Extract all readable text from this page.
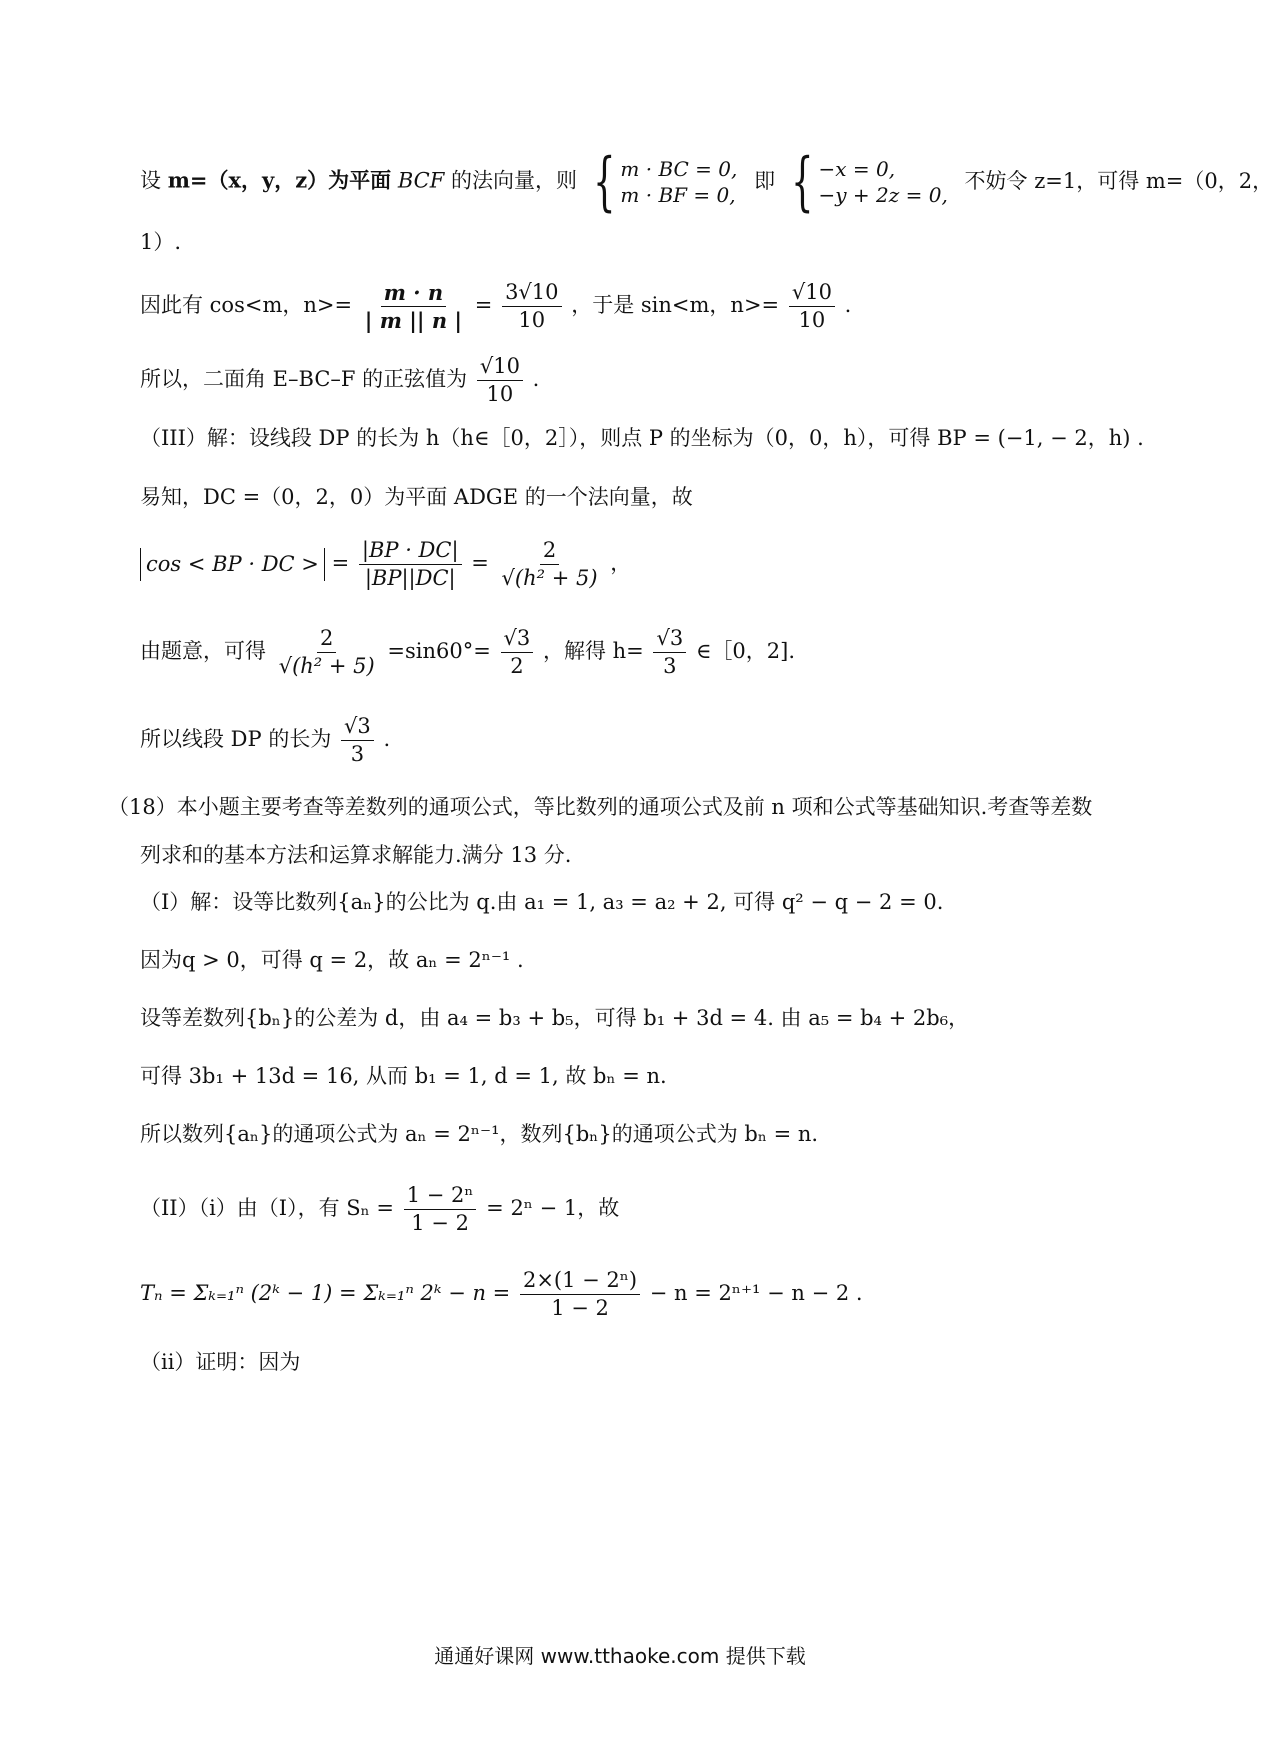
设 m=（x，y，z）为平面 BCF 的法向量，则 { m · BC = 0,
m · BF = 0,
即 { −x = 0,
−y + 2z = 0,
不妨令 z=1，可得 m=（0，2，
1）.
因此有 cos<m，$n>= \frac{m \cdot n}{| m || n |} = \frac{3√10}{10}$ ，于是 sin<m，$n>= \frac{√10}{10}$ .
所以，二面角 E–BC–F 的正弦值为 $\frac{√10}{10}$ .
（III）解：设线段 DP 的长为 h（h∈［0，2］），则点 P 的坐标为（0，0，h），可得 BP = (−1, − 2，h) .
易知，DC =（0，2，0）为平面 ADGE 的一个法向量，故
cos < BP · DC > = $\frac{|BP \cdot DC|}{|BP||DC|} = \frac{2}{\text{√(h² + 5)}}$ ，
由题意，可得 $\frac{2}{\text{√(h² + 5)}} =\sin 60^\circ= \frac{√3}{2}$ ，解得 $h= \frac{√3}{3}$ ∈［0，2].
所以线段 DP 的长为 $\frac{√3}{3}$ .
（18）本小题主要考查等差数列的通项公式，等比数列的通项公式及前 n 项和公式等基础知识.考查等差数
列求和的基本方法和运算求解能力.满分 13 分.
（I）解：设等比数列{aₙ}的公比为 q.由 a₁ = 1, a₃ = a₂ + 2, 可得 q² − q − 2 = 0.
因为q > 0，可得 q = 2，故 aₙ = 2ⁿ⁻¹ .
设等差数列{bₙ}的公差为 d，由 a₄ = b₃ + b₅，可得 b₁ + 3d = 4. 由 a₅ = b₄ + 2b₆，
可得 3b₁ + 13d = 16, 从而 b₁ = 1, d = 1, 故 bₙ = n.
所以数列{aₙ}的通项公式为 aₙ = 2ⁿ⁻¹，数列{bₙ}的通项公式为 bₙ = n.
（II）（i）由（I），有 $S_n = \frac{\text{1 − 2ⁿ}}{1 - 2} = 2^n - 1$，故
Tₙ = Σₖ₌₁ⁿ (2ᵏ − 1) = Σₖ₌₁ⁿ 2ᵏ − $n = \frac{\text{2×(1 − 2ⁿ)}}{1 - 2} - n = 2^{n+1} - n - 2$ .
（ii）证明：因为
通通好课网 www.tthaoke.com 提供下载
